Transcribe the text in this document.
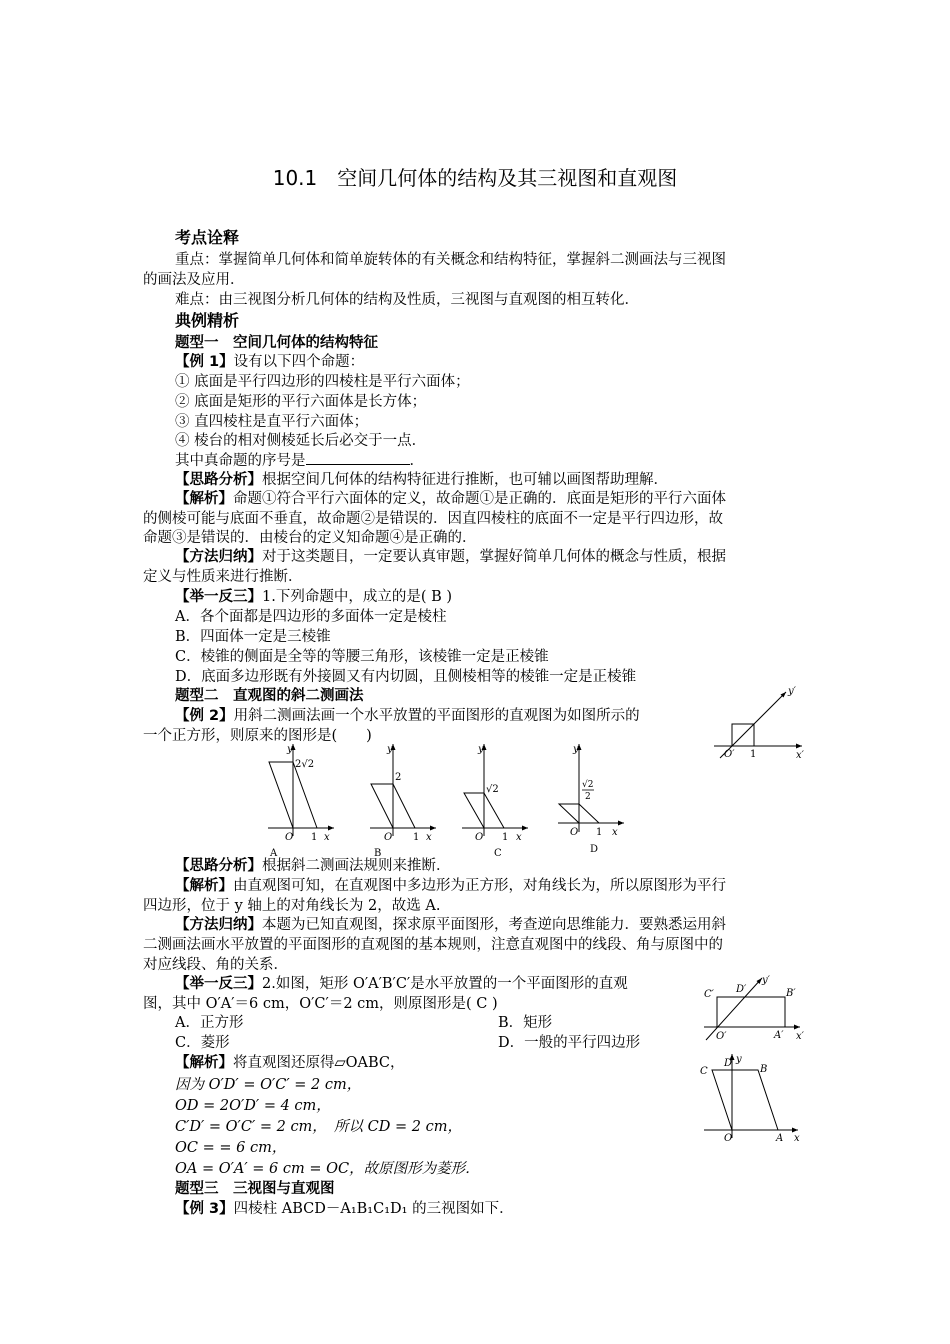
10.1　空间几何体的结构及其三视图和直观图
考点诠释
重点：掌握简单几何体和简单旋转体的有关概念和结构特征，掌握斜二测画法与三视图
的画法及应用．
难点：由三视图分析几何体的结构及性质，三视图与直观图的相互转化．
典例精析
题型一　空间几何体的结构特征
【例 1】设有以下四个命题：
① 底面是平行四边形的四棱柱是平行六面体；
② 底面是矩形的平行六面体是长方体；
③ 直四棱柱是直平行六面体；
④ 棱台的相对侧棱延长后必交于一点．
其中真命题的序号是	．
【思路分析】根据空间几何体的结构特征进行推断，也可辅以画图帮助理解．
【解析】命题①符合平行六面体的定义，故命题①是正确的．底面是矩形的平行六面体
的侧棱可能与底面不垂直，故命题②是错误的．因直四棱柱的底面不一定是平行四边形，故
命题③是错误的．由棱台的定义知命题④是正确的．
【方法归纳】对于这类题目，一定要认真审题，掌握好简单几何体的概念与性质，根据
定义与性质来进行推断．
【举一反三】1.下列命题中，成立的是( B )
A．各个面都是四边形的多面体一定是棱柱
B．四面体一定是三棱锥
C．棱锥的侧面是全等的等腰三角形，该棱锥一定是正棱锥
D．底面多边形既有外接圆又有内切圆，且侧棱相等的棱锥一定是正棱锥
题型二　直观图的斜二测画法
【例 2】用斜二测画法画一个水平放置的平面图形的直观图为如图所示的
一个正方形，则原来的图形是(　　)
y′
x′
O′ 1
y
2√2
O 1 x
A
y
2
O 1 x
B
y
√2
O 1 x
C
y
√2
2
O 1 x
D
【思路分析】根据斜二测画法规则来推断．
【解析】由直观图可知，在直观图中多边形为正方形，对角线长为，所以原图形为平行
四边形，位于 y 轴上的对角线长为 2，故选 A.
【方法归纳】本题为已知直观图，探求原平面图形，考查逆向思维能力．要熟悉运用斜
二测画法画水平放置的平面图形的直观图的基本规则，注意直观图中的线段、角与原图中的
对应线段、角的关系．
【举一反三】2.如图，矩形 O′A′B′C′是水平放置的一个平面图形的直观
图，其中 O′A′＝6 cm，O′C′＝2 cm，则原图形是( C )
A．正方形	B．矩形
C．菱形	D．一般的平行四边形
C′ D′
y′
B′
O′	A′ x′
C
D y
B
O	A x
【解析】将直观图还原得▱OABC，
因为 O′D′ = O′C′ = 2 cm，
OD = 2O′D′ = 4 cm，
C′D′ = O′C′ = 2 cm，　所以 CD = 2 cm，
OC = = 6 cm，
OA = O′A′ = 6 cm = OC，故原图形为菱形．
题型三　三视图与直观图
【例 3】四棱柱 ABCD－A₁B₁C₁D₁ 的三视图如下．
